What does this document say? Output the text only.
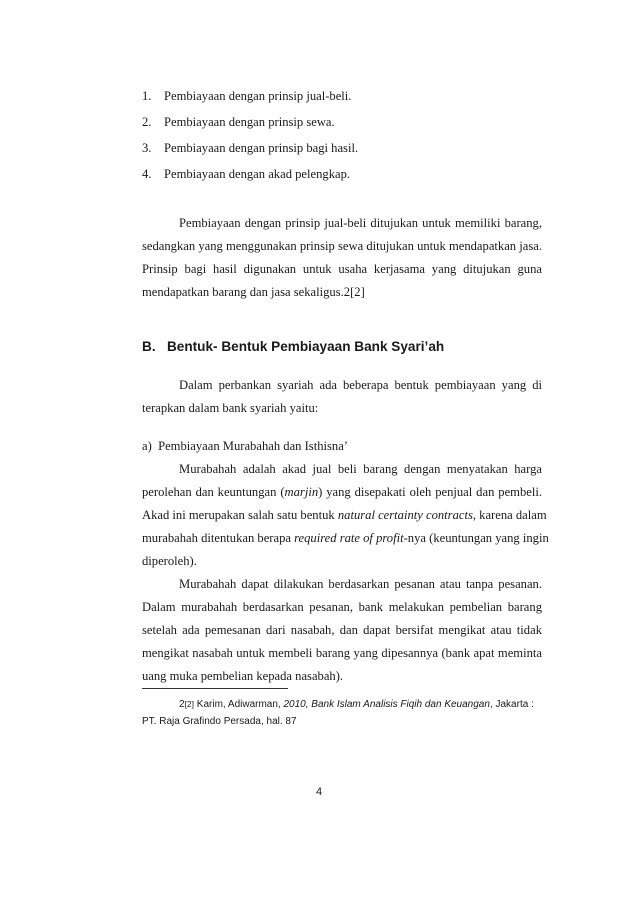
1. Pembiayaan dengan prinsip jual-beli.
2. Pembiayaan dengan prinsip sewa.
3. Pembiayaan dengan prinsip bagi hasil.
4. Pembiayaan dengan akad pelengkap.
Pembiayaan dengan prinsip jual-beli ditujukan untuk memiliki barang,
sedangkan yang menggunakan prinsip sewa ditujukan untuk mendapatkan jasa.
Prinsip bagi hasil digunakan untuk usaha kerjasama yang ditujukan guna
mendapatkan barang dan jasa sekaligus.2[2]
B. Bentuk- Bentuk Pembiayaan Bank Syari’ah
Dalam perbankan syariah ada beberapa bentuk pembiayaan yang di
terapkan dalam bank syariah yaitu:
a)  Pembiayaan Murabahah dan Isthisna’
Murabahah adalah akad jual beli barang dengan menyatakan harga
perolehan dan keuntungan (marjin) yang disepakati oleh penjual dan pembeli.
Akad ini merupakan salah satu bentuk natural certainty contracts, karena dalam
murabahah ditentukan berapa required rate of profit-nya (keuntungan yang ingin
diperoleh).
Murabahah dapat dilakukan berdasarkan pesanan atau tanpa pesanan.
Dalam murabahah berdasarkan pesanan, bank melakukan pembelian barang
setelah ada pemesanan dari nasabah, dan dapat bersifat mengikat atau tidak
mengikat nasabah untuk membeli barang yang dipesannya (bank apat meminta
uang muka pembelian kepada nasabah).
2[2] Karim, Adiwarman, 2010, Bank Islam Analisis Fiqih dan Keuangan, Jakarta :
PT. Raja Grafindo Persada, hal. 87
4
